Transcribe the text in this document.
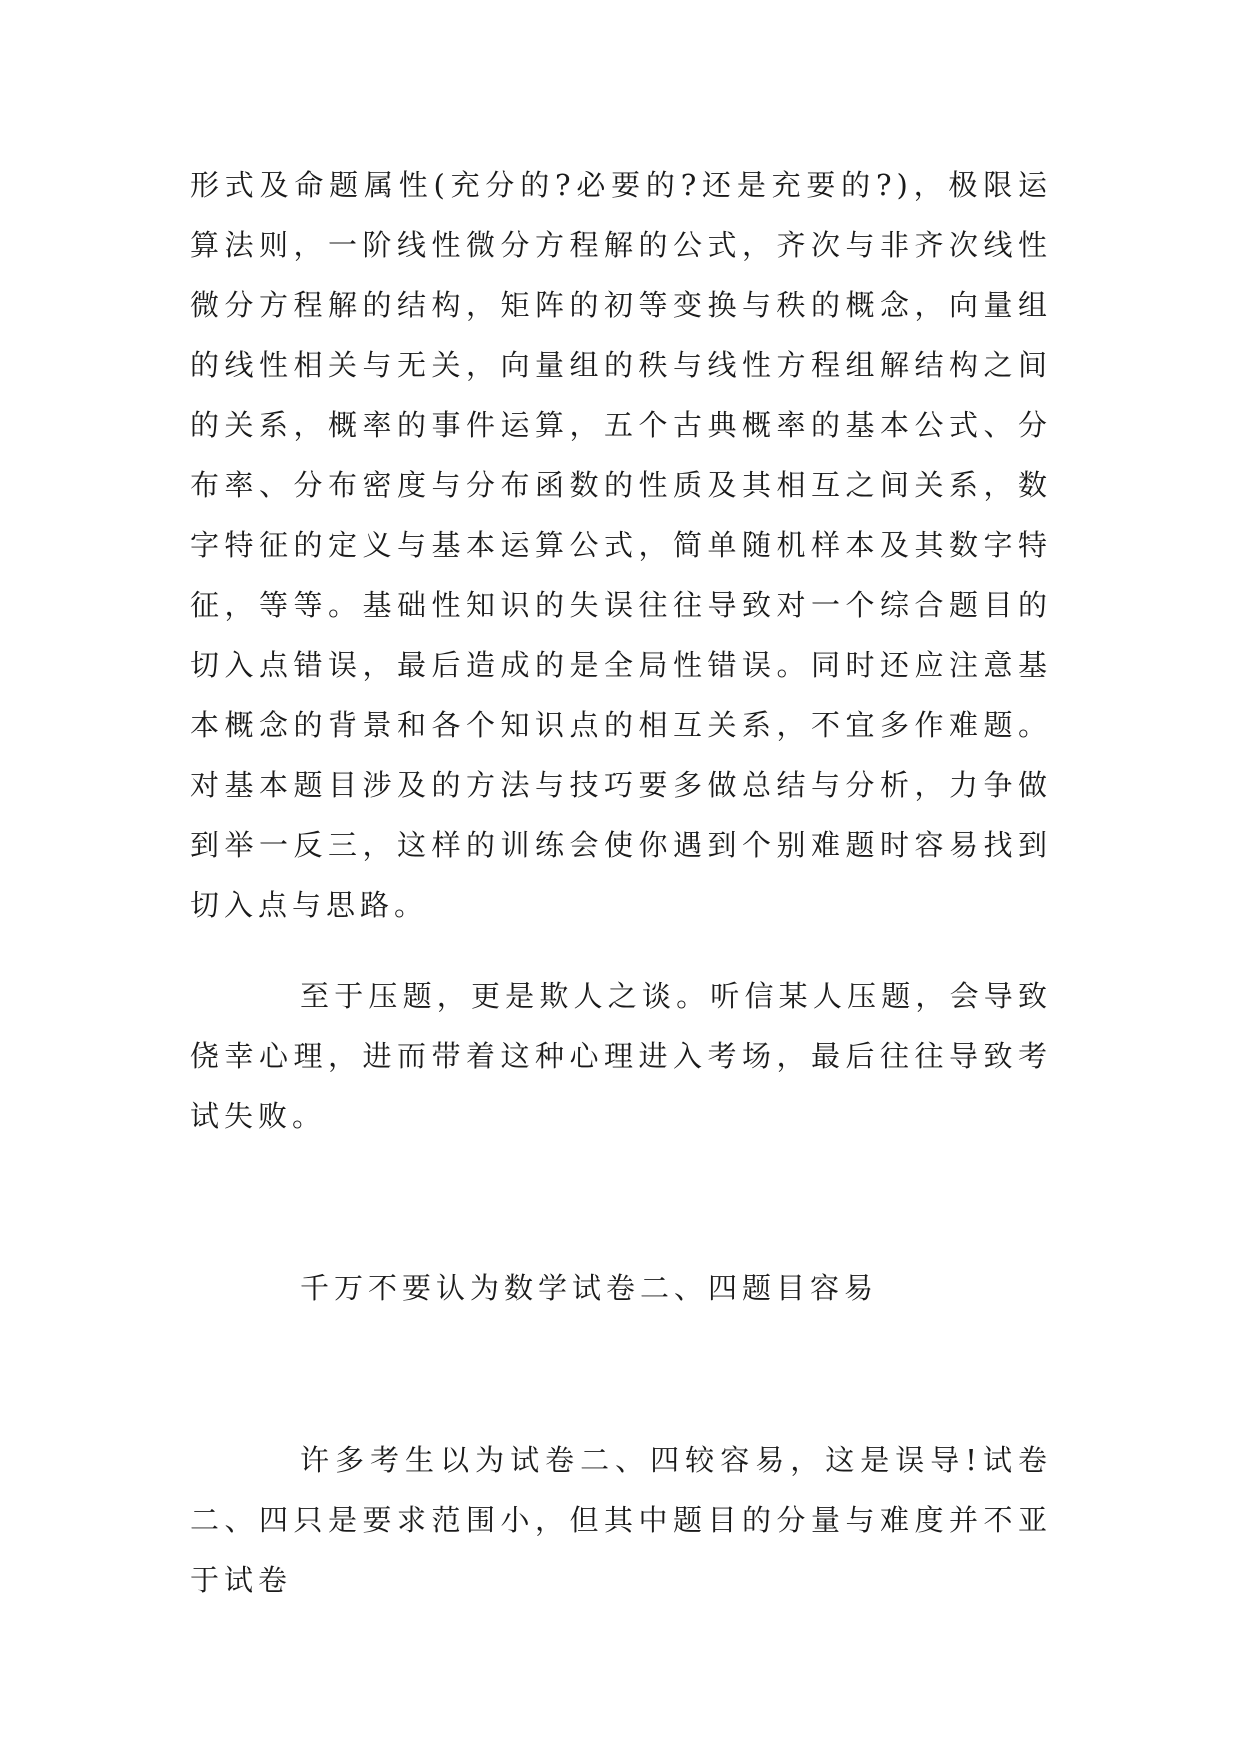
形式及命题属性(充分的?必要的?还是充要的?)，极限运算法则，一阶线性微分方程解的公式，齐次与非齐次线性微分方程解的结构，矩阵的初等变换与秩的概念，向量组的线性相关与无关，向量组的秩与线性方程组解结构之间的关系，概率的事件运算，五个古典概率的基本公式、分布率、分布密度与分布函数的性质及其相互之间关系，数字特征的定义与基本运算公式，简单随机样本及其数字特征，等等。基础性知识的失误往往导致对一个综合题目的切入点错误，最后造成的是全局性错误。同时还应注意基本概念的背景和各个知识点的相互关系，不宜多作难题。对基本题目涉及的方法与技巧要多做总结与分析，力争做到举一反三，这样的训练会使你遇到个别难题时容易找到切入点与思路。

至于压题，更是欺人之谈。听信某人压题，会导致侥幸心理，进而带着这种心理进入考场，最后往往导致考试失败。

千万不要认为数学试卷二、四题目容易

许多考生以为试卷二、四较容易，这是误导!试卷二、四只是要求范围小，但其中题目的分量与难度并不亚于试卷
